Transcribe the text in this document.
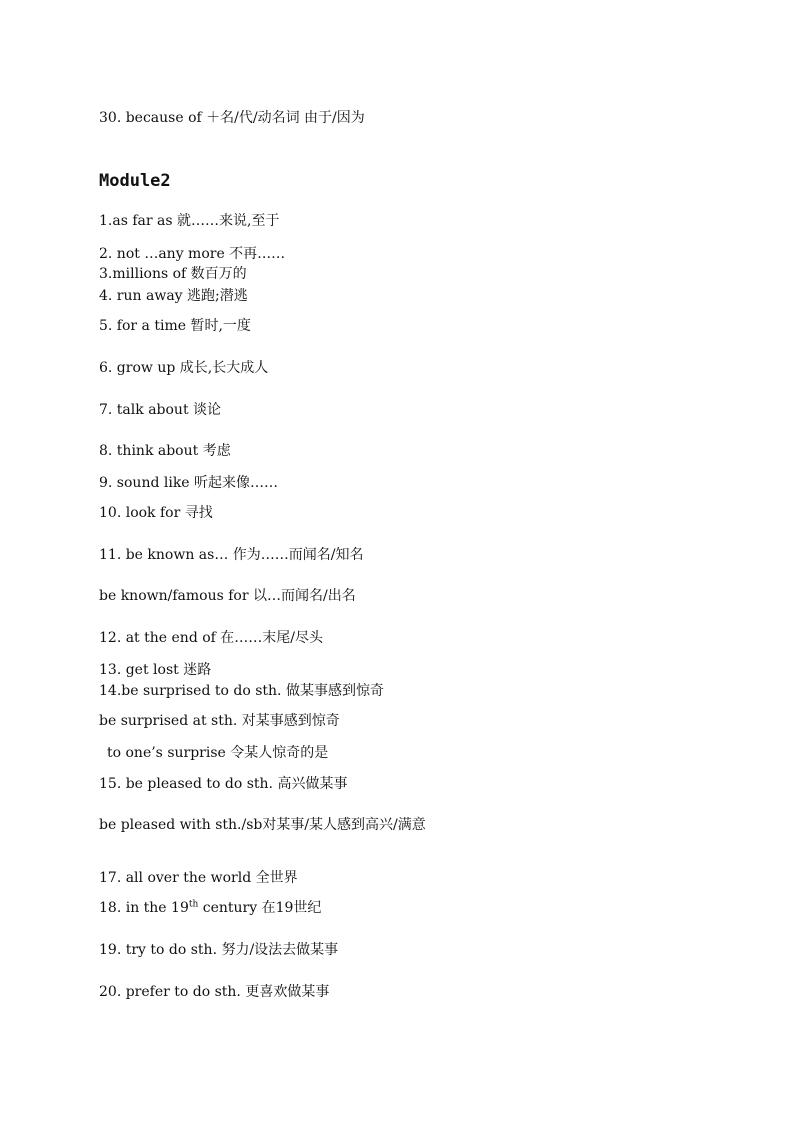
30. because of ＋名/代/动名词 由于/因为
Module2
1.as far as 就……来说,至于
2. not …any more 不再……
3.millions of 数百万的
4. run away 逃跑;潜逃
5. for a time 暂时,一度
6. grow up 成长,长大成人
7. talk about 谈论
8. think about 考虑
9. sound like 听起来像……
10. look for 寻找
11. be known as… 作为……而闻名/知名
be known/famous for 以…而闻名/出名
12. at the end of 在……末尾/尽头
13. get lost 迷路
14.be surprised to do sth. 做某事感到惊奇
be surprised at sth. 对某事感到惊奇
to one’s surprise 令某人惊奇的是
15. be pleased to do sth. 高兴做某事
be pleased with sth./sb对某事/某人感到高兴/满意
17. all over the world 全世界
18. in the 19th century 在19世纪
19. try to do sth. 努力/设法去做某事
20. prefer to do sth. 更喜欢做某事
